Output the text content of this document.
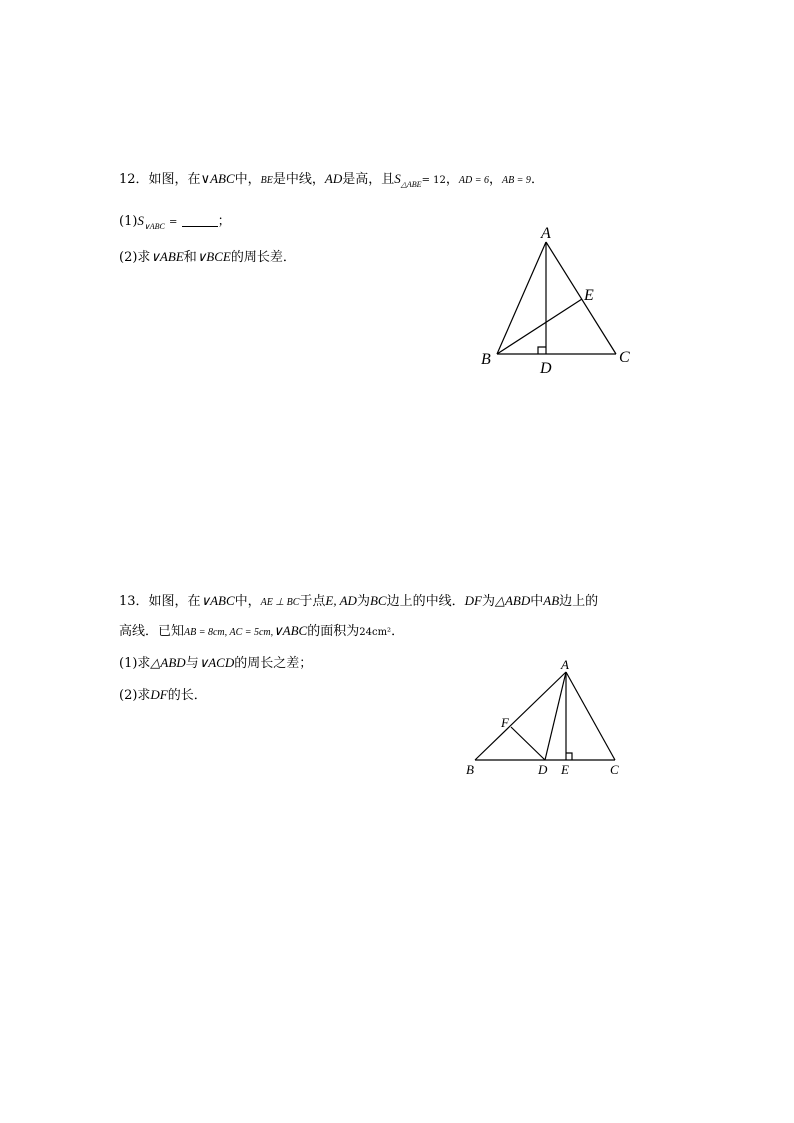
12．如图，在∨ABC中，BE是中线，AD是高，且$S_{\triangle ABE}= 12$，AD = 6，AB = 9．
$(1)S_{\vee ABC}$ =	；
(2)求∨ABE和∨BCE的周长差．
13．如图，在∨ABC中，AE ⊥ BC于点E, AD为BC边上的中线．DF为△ABD中AB边上的
高线．已知AB = 8cm, AC = 5cm,∨ABC的面积为24cm²．
(1)求△ABD与∨ACD的周长之差；
(2)求DF的长．
A
B	C
D
E
A
B	C
D E
F
